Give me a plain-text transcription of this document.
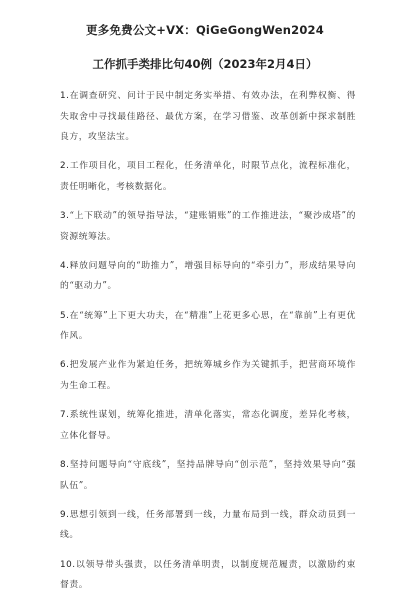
更多免费公文+VX：QiGeGongWen2024
工作抓手类排比句40例（2023年2月4日）

1.在调查研究、问计于民中制定务实举措、有效办法，在利弊权衡、得失取舍中寻找最佳路径、最优方案，在学习借鉴、改革创新中探求制胜良方，攻坚法宝。

2.工作项目化，项目工程化，任务清单化，时限节点化，流程标准化，责任明晰化，考核数据化。

3.“上下联动”的领导指导法，“建账销账”的工作推进法，“聚沙成塔”的资源统筹法。

4.释放问题导向的“助推力”，增强目标导向的“牵引力”，形成结果导向的“驱动力”。

5.在“统筹”上下更大功夫，在“精准”上花更多心思，在“靠前”上有更优作风。

6.把发展产业作为紧迫任务，把统筹城乡作为关键抓手，把营商环境作为生命工程。

7.系统性谋划，统筹化推进，清单化落实，常态化调度，差异化考核，立体化督导。

8.坚持问题导向“守底线”，坚持品牌导向“创示范”，坚持效果导向“强队伍”。

9.思想引领到一线，任务部署到一线，力量布局到一线，群众动员到一线。

10.以领导带头强责，以任务清单明责，以制度规范履责，以激励约束督责。
